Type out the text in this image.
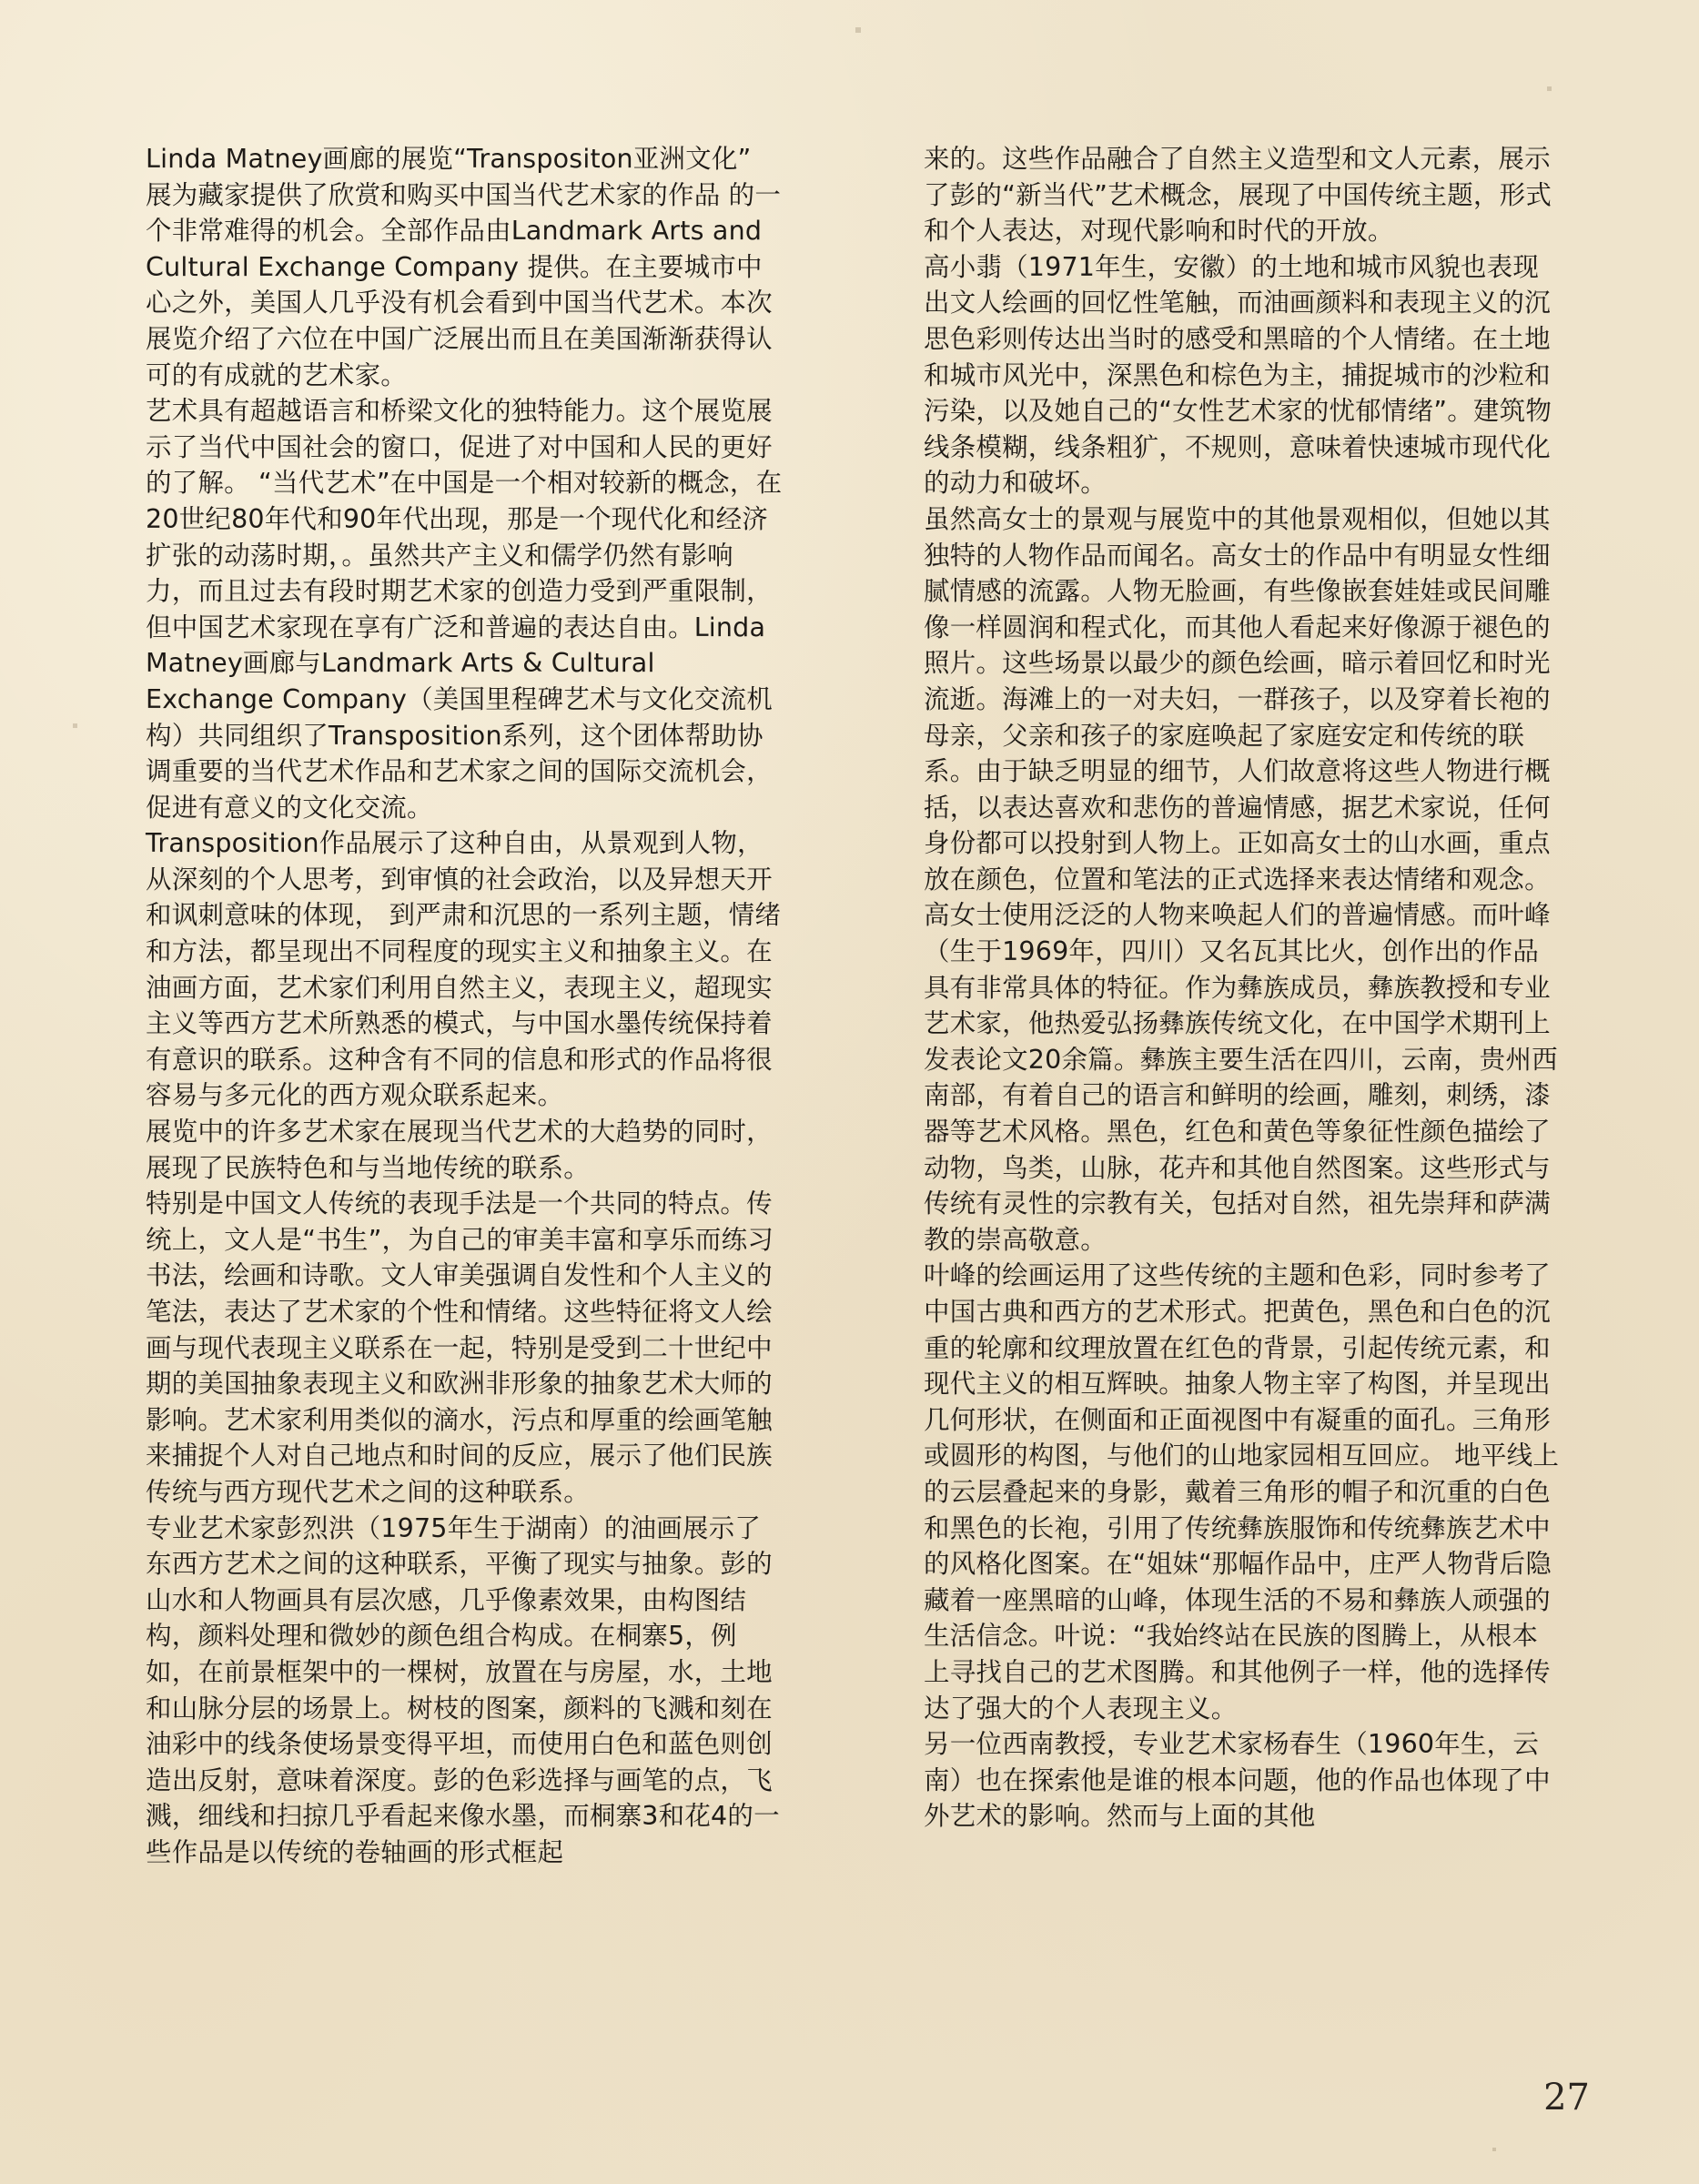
Linda Matney画廊的展览“Transpositon亚洲文化” 展为藏家提供了欣赏和购买中国当代艺术家的作品 的一个非常难得的机会。全部作品由Landmark Arts and Cultural Exchange Company 提供。在主要城市中心之外，美国人几乎没有机会看到中国当代艺术。本次展览介绍了六位在中国广泛展出而且在美国渐渐获得认可的有成就的艺术家。

艺术具有超越语言和桥梁文化的独特能力。这个展览展示了当代中国社会的窗口，促进了对中国和人民的更好的了解。 “当代艺术”在中国是一个相对较新的概念，在20世纪80年代和90年代出现，那是一个现代化和经济扩张的动荡时期，。虽然共产主义和儒学仍然有影响力，而且过去有段时期艺术家的创造力受到严重限制，

但中国艺术家现在享有广泛和普遍的表达自由。Linda Matney画廊与Landmark Arts & Cultural Exchange Company（美国里程碑艺术与文化交流机构）共同组织了Transposition系列，这个团体帮助协调重要的当代艺术作品和艺术家之间的国际交流机会，促进有意义的文化交流。

Transposition作品展示了这种自由，从景观到人物，从深刻的个人思考，到审慎的社会政治，以及异想天开和讽刺意味的体现， 到严肃和沉思的一系列主题，情绪和方法，都呈现出不同程度的现实主义和抽象主义。在油画方面，艺术家们利用自然主义，表现主义，超现实主义等西方艺术所熟悉的模式，与中国水墨传统保持着有意识的联系。这种含有不同的信息和形式的作品将很容易与多元化的西方观众联系起来。

展览中的许多艺术家在展现当代艺术的大趋势的同时，展现了民族特色和与当地传统的联系。

特别是中国文人传统的表现手法是一个共同的特点。传统上，文人是“书生”，为自己的审美丰富和享乐而练习书法，绘画和诗歌。文人审美强调自发性和个人主义的笔法，表达了艺术家的个性和情绪。这些特征将文人绘画与现代表现主义联系在一起，特别是受到二十世纪中期的美国抽象表现主义和欧洲非形象的抽象艺术大师的影响。艺术家利用类似的滴水，污点和厚重的绘画笔触来捕捉个人对自己地点和时间的反应，展示了他们民族传统与西方现代艺术之间的这种联系。

专业艺术家彭烈洪（1975年生于湖南）的油画展示了东西方艺术之间的这种联系，平衡了现实与抽象。彭的山水和人物画具有层次感，几乎像素效果，由构图结构，颜料处理和微妙的颜色组合构成。在桐寨5，例如，在前景框架中的一棵树，放置在与房屋，水，土地和山脉分层的场景上。树枝的图案，颜料的飞溅和刻在油彩中的线条使场景变得平坦，而使用白色和蓝色则创造出反射，意味着深度。彭的色彩选择与画笔的点，飞溅，细线和扫掠几乎看起来像水墨，而桐寨3和花4的一些作品是以传统的卷轴画的形式框起

来的。这些作品融合了自然主义造型和文人元素，展示了彭的“新当代”艺术概念，展现了中国传统主题，形式和个人表达，对现代影响和时代的开放。

高小翡（1971年生，安徽）的土地和城市风貌也表现出文人绘画的回忆性笔触，而油画颜料和表现主义的沉思色彩则传达出当时的感受和黑暗的个人情绪。在土地和城市风光中，深黑色和棕色为主，捕捉城市的沙粒和污染，以及她自己的“女性艺术家的忧郁情绪”。建筑物线条模糊，线条粗犷，不规则，意味着快速城市现代化的动力和破坏。

虽然高女士的景观与展览中的其他景观相似，但她以其独特的人物作品而闻名。高女士的作品中有明显女性细腻情感的流露。人物无脸画，有些像嵌套娃娃或民间雕像一样圆润和程式化，而其他人看起来好像源于褪色的照片。这些场景以最少的颜色绘画，暗示着回忆和时光流逝。海滩上的一对夫妇，一群孩子，以及穿着长袍的母亲，父亲和孩子的家庭唤起了家庭安定和传统的联系。由于缺乏明显的细节，人们故意将这些人物进行概括，以表达喜欢和悲伤的普遍情感，据艺术家说，任何身份都可以投射到人物上。正如高女士的山水画，重点放在颜色，位置和笔法的正式选择来表达情绪和观念。

高女士使用泛泛的人物来唤起人们的普遍情感。而叶峰（生于1969年，四川）又名瓦其比火，创作出的作品具有非常具体的特征。作为彝族成员，彝族教授和专业艺术家，他热爱弘扬彝族传统文化，在中国学术期刊上发表论文20余篇。彝族主要生活在四川，云南，贵州西南部，有着自己的语言和鲜明的绘画，雕刻，刺绣，漆器等艺术风格。黑色，红色和黄色等象征性颜色描绘了动物，鸟类，山脉，花卉和其他自然图案。这些形式与传统有灵性的宗教有关，包括对自然，祖先崇拜和萨满教的崇高敬意。

叶峰的绘画运用了这些传统的主题和色彩，同时参考了中国古典和西方的艺术形式。把黄色，黑色和白色的沉重的轮廓和纹理放置在红色的背景，引起传统元素，和现代主义的相互辉映。抽象人物主宰了构图，并呈现出几何形状，在侧面和正面视图中有凝重的面孔。三角形或圆形的构图，与他们的山地家园相互回应。 地平线上的云层叠起来的身影，戴着三角形的帽子和沉重的白色和黑色的长袍，引用了传统彝族服饰和传统彝族艺术中的风格化图案。在“姐妹“那幅作品中，庄严人物背后隐藏着一座黑暗的山峰，体现生活的不易和彝族人顽强的生活信念。叶说：“我始终站在民族的图腾上，从根本上寻找自己的艺术图腾。和其他例子一样，他的选择传达了强大的个人表现主义。

另一位西南教授，专业艺术家杨春生（1960年生，云南）也在探索他是谁的根本问题，他的作品也体现了中外艺术的影响。然而与上面的其他

27
